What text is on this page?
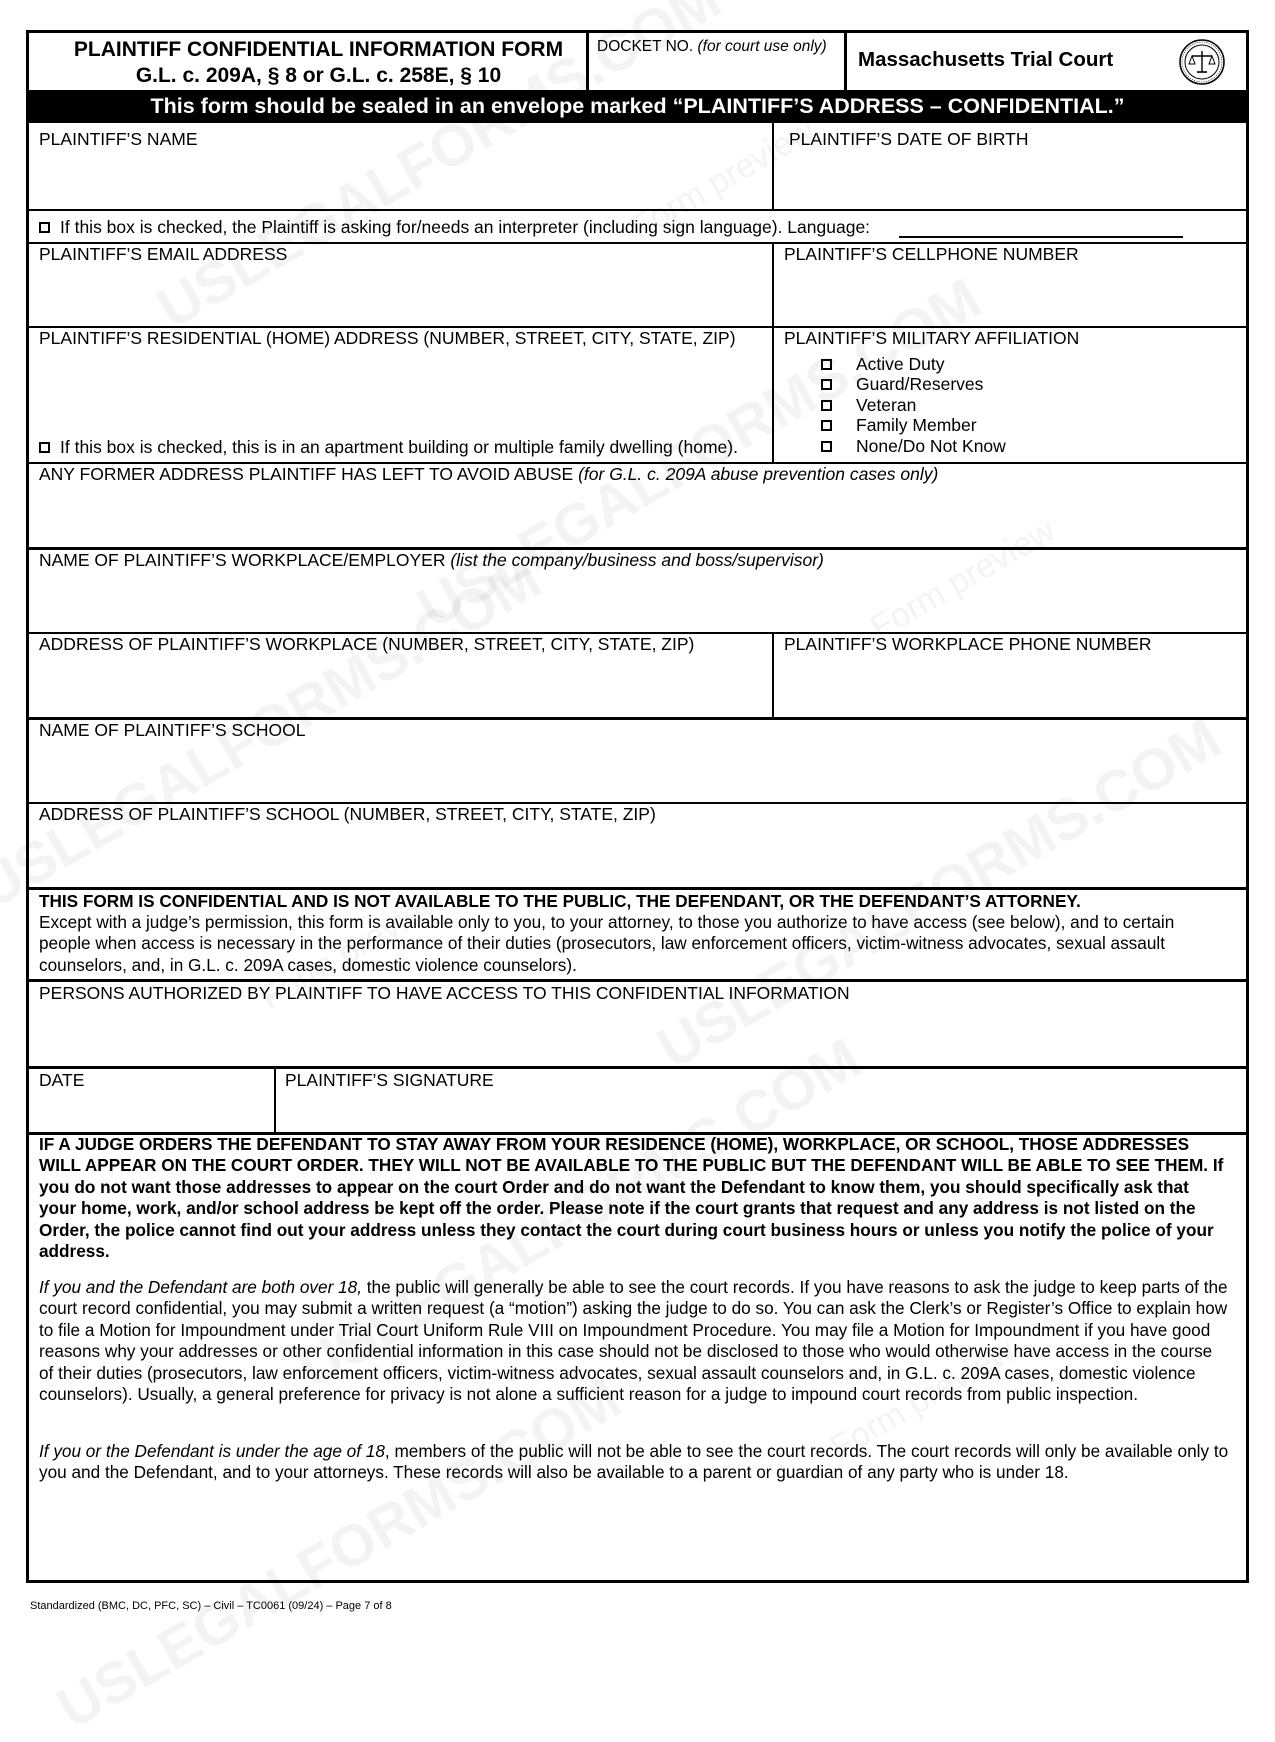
PLAINTIFF CONFIDENTIAL INFORMATION FORM
G.L. c. 209A, § 8 or G.L. c. 258E, § 10
DOCKET NO. (for court use only)
Massachusetts Trial Court
This form should be sealed in an envelope marked “PLAINTIFF’S ADDRESS – CONFIDENTIAL.”
PLAINTIFF’S NAME	PLAINTIFF’S DATE OF BIRTH
If this box is checked, the Plaintiff is asking for/needs an interpreter (including sign language). Language:
PLAINTIFF’S EMAIL ADDRESS	PLAINTIFF’S CELLPHONE NUMBER
PLAINTIFF’S RESIDENTIAL (HOME) ADDRESS (NUMBER, STREET, CITY, STATE, ZIP)
If this box is checked, this is in an apartment building or multiple family dwelling (home).
PLAINTIFF’S MILITARY AFFILIATION
Active Duty
Guard/Reserves
Veteran
Family Member
None/Do Not Know
ANY FORMER ADDRESS PLAINTIFF HAS LEFT TO AVOID ABUSE (for G.L. c. 209A abuse prevention cases only)
NAME OF PLAINTIFF’S WORKPLACE/EMPLOYER (list the company/business and boss/supervisor)
ADDRESS OF PLAINTIFF’S WORKPLACE (NUMBER, STREET, CITY, STATE, ZIP)	PLAINTIFF’S WORKPLACE PHONE NUMBER
NAME OF PLAINTIFF’S SCHOOL
ADDRESS OF PLAINTIFF’S SCHOOL (NUMBER, STREET, CITY, STATE, ZIP)
THIS FORM IS CONFIDENTIAL AND IS NOT AVAILABLE TO THE PUBLIC, THE DEFENDANT, OR THE DEFENDANT’S ATTORNEY.
Except with a judge’s permission, this form is available only to you, to your attorney, to those you authorize to have access (see below), and to certain people when access is necessary in the performance of their duties (prosecutors, law enforcement officers, victim-witness advocates, sexual assault counselors, and, in G.L. c. 209A cases, domestic violence counselors).
PERSONS AUTHORIZED BY PLAINTIFF TO HAVE ACCESS TO THIS CONFIDENTIAL INFORMATION
DATE	PLAINTIFF’S SIGNATURE
IF A JUDGE ORDERS THE DEFENDANT TO STAY AWAY FROM YOUR RESIDENCE (HOME), WORKPLACE, OR SCHOOL, THOSE ADDRESSES WILL APPEAR ON THE COURT ORDER. THEY WILL NOT BE AVAILABLE TO THE PUBLIC BUT THE DEFENDANT WILL BE ABLE TO SEE THEM. If you do not want those addresses to appear on the court Order and do not want the Defendant to know them, you should specifically ask that your home, work, and/or school address be kept off the order. Please note if the court grants that request and any address is not listed on the Order, the police cannot find out your address unless they contact the court during court business hours or unless you notify the police of your address.
If you and the Defendant are both over 18, the public will generally be able to see the court records. If you have reasons to ask the judge to keep parts of the court record confidential, you may submit a written request (a “motion”) asking the judge to do so. You can ask the Clerk’s or Register’s Office to explain how to file a Motion for Impoundment under Trial Court Uniform Rule VIII on Impoundment Procedure. You may file a Motion for Impoundment if you have good reasons why your addresses or other confidential information in this case should not be disclosed to those who would otherwise have access in the course of their duties (prosecutors, law enforcement officers, victim-witness advocates, sexual assault counselors and, in G.L. c. 209A cases, domestic violence counselors). Usually, a general preference for privacy is not alone a sufficient reason for a judge to impound court records from public inspection.
If you or the Defendant is under the age of 18, members of the public will not be able to see the court records. The court records will only be available only to you and the Defendant, and to your attorneys. These records will also be available to a parent or guardian of any party who is under 18.
Standardized (BMC, DC, PFC, SC) – Civil – TC0061 (09/24) – Page 7 of 8
